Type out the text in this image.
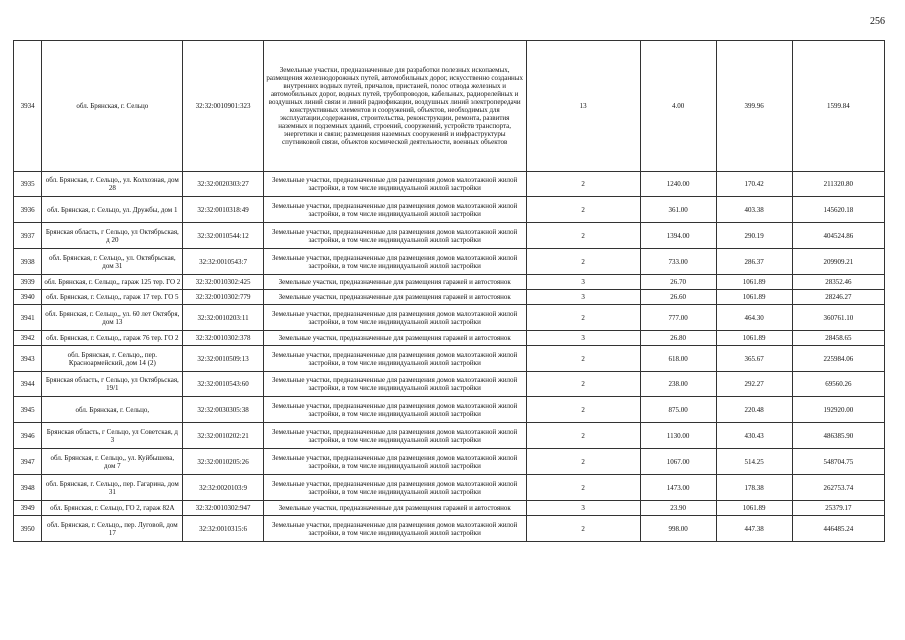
256
3934	обл. Брянская, г. Сельцо	32:32:0010901:323	Земельные участки, предназначенные для разработки полезных ископаемых, размещения железнодорожных путей, автомобильных дорог, искусственно созданных внутренних водных путей, причалов, пристаней, полос отвода железных и автомобильных дорог, водных путей, трубопроводов, кабельных, радиорелейных и воздушных линий связи и линий радиофикации, воздушных линий электропередачи конструктивных элементов и сооружений, объектов, необходимых для эксплуатации,содержания, строительства, реконструкции, ремонта, развития наземных и подземных зданий, строений, сооружений, устройств транспорта, энергетики и связи; размещения наземных сооружений и инфраструктуры спутниковой связи, объектов космической деятельности, военных объектов	13	4.00	399.96	1599.84
3935	обл. Брянская, г. Сельцо,, ул. Колхозная, дом 28	32:32:0020303:27	Земельные участки, предназначенные для размещения домов малоэтажной жилой застройки, в том числе индивидуальной жилой застройки	2	1240.00	170.42	211320.80
3936	обл. Брянская, г. Сельцо, ул. Дружбы, дом 1	32:32:0010318:49	Земельные участки, предназначенные для размещения домов малоэтажной жилой застройки, в том числе индивидуальной жилой застройки	2	361.00	403.38	145620.18
3937	Брянская область, г Сельцо, ул Октябрьская, д 20	32:32:0010544:12	Земельные участки, предназначенные для размещения домов малоэтажной жилой застройки, в том числе индивидуальной жилой застройки	2	1394.00	290.19	404524.86
3938	обл. Брянская, г. Сельцо,, ул. Октябрьская, дом 31	32:32:0010543:7	Земельные участки, предназначенные для размещения домов малоэтажной жилой застройки, в том числе индивидуальной жилой застройки	2	733.00	286.37	209909.21
3939	обл. Брянская, г. Сельцо,, гараж 125 тер. ГО 2	32:32:0010302:425	Земельные участки, предназначенные для размещения гаражей и автостоянок	3	26.70	1061.89	28352.46
3940	обл. Брянская, г. Сельцо,, гараж 17 тер. ГО 5	32:32:0010302:779	Земельные участки, предназначенные для размещения гаражей и автостоянок	3	26.60	1061.89	28246.27
3941	обл. Брянская, г. Сельцо,, ул. 60 лет Октября, дом 13	32:32:0010203:11	Земельные участки, предназначенные для размещения домов малоэтажной жилой застройки, в том числе индивидуальной жилой застройки	2	777.00	464.30	360761.10
3942	обл. Брянская, г. Сельцо,, гараж 76 тер. ГО 2	32:32:0010302:378	Земельные участки, предназначенные для размещения гаражей и автостоянок	3	26.80	1061.89	28458.65
3943	обл. Брянская, г. Сельцо,, пер. Красноармейский, дом 14 (2)	32:32:0010509:13	Земельные участки, предназначенные для размещения домов малоэтажной жилой застройки, в том числе индивидуальной жилой застройки	2	618.00	365.67	225984.06
3944	Брянская область, г Сельцо, ул Октябрьская, 19/1	32:32:0010543:60	Земельные участки, предназначенные для размещения домов малоэтажной жилой застройки, в том числе индивидуальной жилой застройки	2	238.00	292.27	69560.26
3945	обл. Брянская, г. Сельцо,	32:32:0030305:38	Земельные участки, предназначенные для размещения домов малоэтажной жилой застройки, в том числе индивидуальной жилой застройки	2	875.00	220.48	192920.00
3946	Брянская область, г Сельцо, ул Советская, д 3	32:32:0010202:21	Земельные участки, предназначенные для размещения домов малоэтажной жилой застройки, в том числе индивидуальной жилой застройки	2	1130.00	430.43	486385.90
3947	обл. Брянская, г. Сельцо,, ул. Куйбышева, дом 7	32:32:0010205:26	Земельные участки, предназначенные для размещения домов малоэтажной жилой застройки, в том числе индивидуальной жилой застройки	2	1067.00	514.25	548704.75
3948	обл. Брянская, г. Сельцо,, пер. Гагарина, дом 31	32:32:0020103:9	Земельные участки, предназначенные для размещения домов малоэтажной жилой застройки, в том числе индивидуальной жилой застройки	2	1473.00	178.38	262753.74
3949	обл. Брянская, г. Сельцо, ГО 2, гараж 82А	32:32:0010302:947	Земельные участки, предназначенные для размещения гаражей и автостоянок	3	23.90	1061.89	25379.17
3950	обл. Брянская, г. Сельцо,, пер. Луговой, дом 17	32:32:0010315:6	Земельные участки, предназначенные для размещения домов малоэтажной жилой застройки, в том числе индивидуальной жилой застройки	2	998.00	447.38	446485.24
